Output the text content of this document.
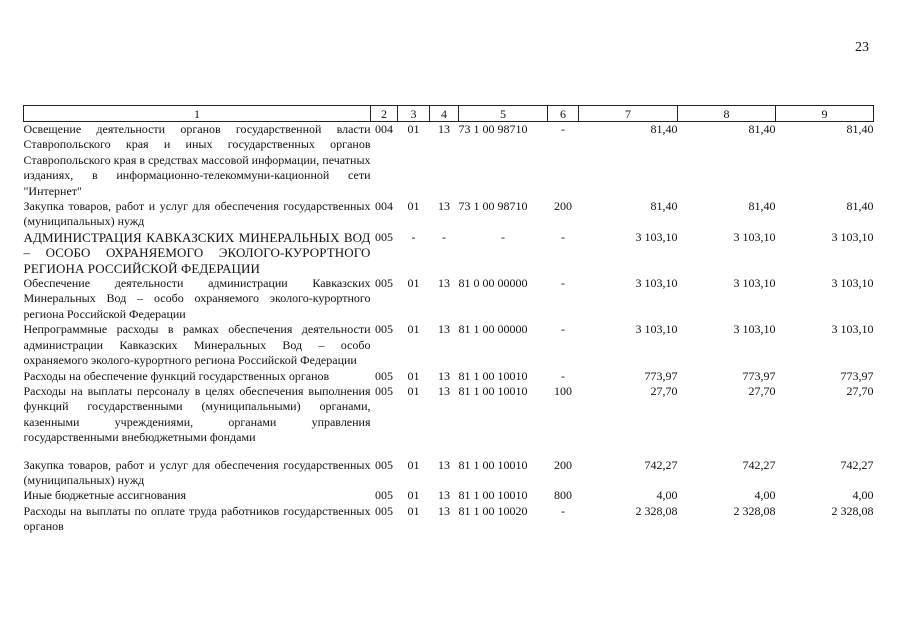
23
1	2	3	4	5	6	7	8	9
Освещение деятельности органов государственной власти Ставропольского края и иных государственных органов Ставропольского края в средствах массовой информации, печатных изданиях, в информационно-телекоммуни-кационной сети "Интернет"	004	01	13	73 1 00 98710	-	81,40	81,40	81,40
Закупка товаров, работ и услуг для обеспечения государственных (муниципальных) нужд	004	01	13	73 1 00 98710	200	81,40	81,40	81,40
АДМИНИСТРАЦИЯ КАВКАЗСКИХ МИНЕРАЛЬНЫХ ВОД – ОСОБО ОХРАНЯЕМОГО ЭКОЛОГО-КУРОРТНОГО РЕГИОНА РОССИЙСКОЙ ФЕДЕРАЦИИ	005	-	-	-	-	3 103,10	3 103,10	3 103,10
Обеспечение деятельности администрации Кавказских Минеральных Вод – особо охраняемого эколого-курортного региона Российской Федерации	005	01	13	81 0 00 00000	-	3 103,10	3 103,10	3 103,10
Непрограммные расходы в рамках обеспечения деятельности администрации Кавказских Минеральных Вод – особо охраняемого эколого-курортного региона Российской Федерации	005	01	13	81 1 00 00000	-	3 103,10	3 103,10	3 103,10
Расходы на обеспечение функций государственных органов	005	01	13	81 1 00 10010	-	773,97	773,97	773,97
Расходы на выплаты персоналу в целях обеспечения выполнения функций государственными (муниципальными) органами, казенными учреждениями, органами управления государственными внебюджетными фондами	005	01	13	81 1 00 10010	100	27,70	27,70	27,70
Закупка товаров, работ и услуг для обеспечения государственных (муниципальных) нужд	005	01	13	81 1 00 10010	200	742,27	742,27	742,27
Иные бюджетные ассигнования	005	01	13	81 1 00 10010	800	4,00	4,00	4,00
Расходы на выплаты по оплате труда работников государственных органов	005	01	13	81 1 00 10020	-	2 328,08	2 328,08	2 328,08
